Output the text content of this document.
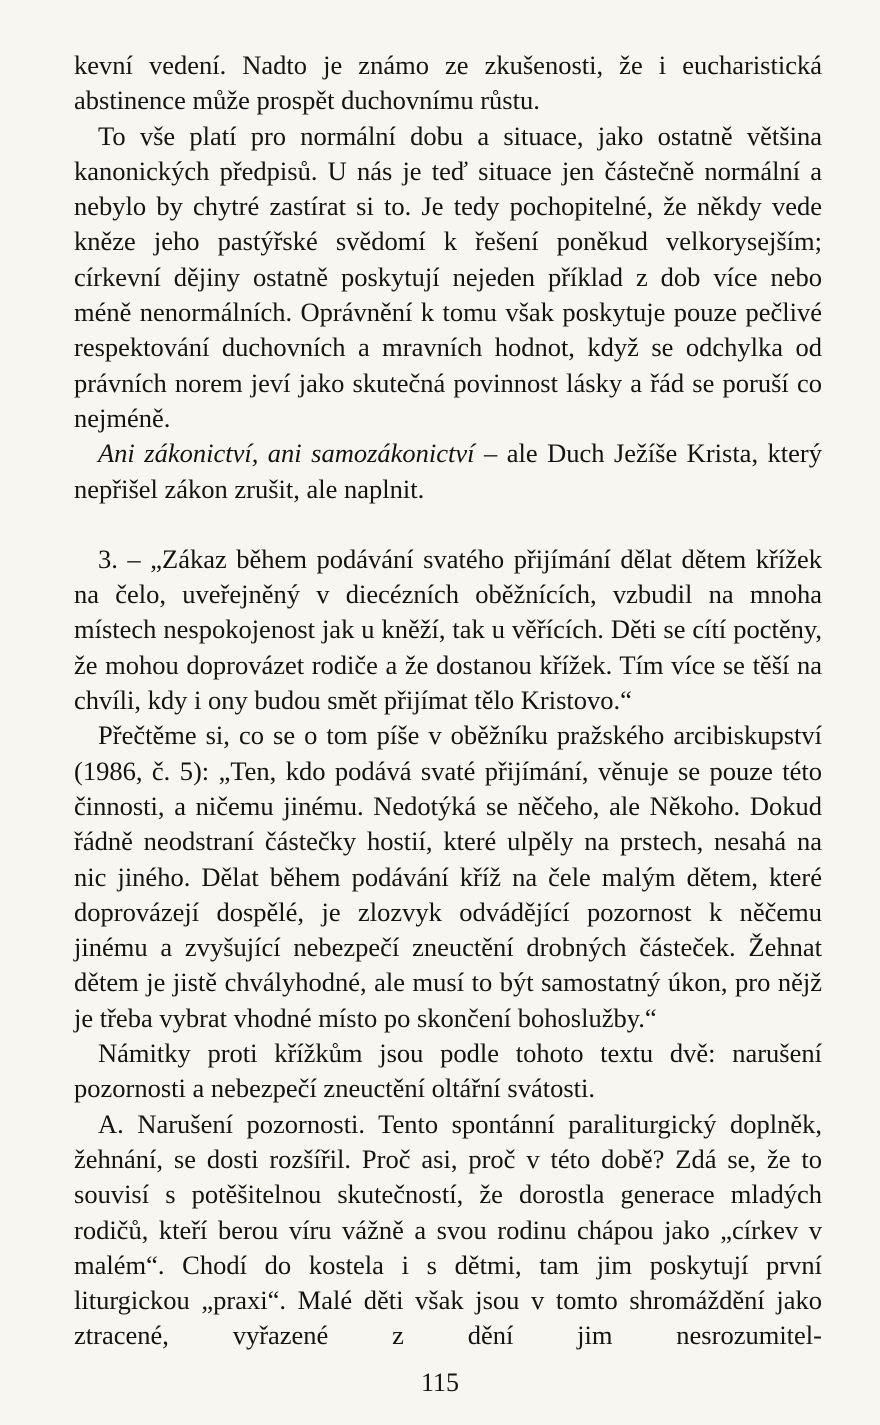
kevní vedení. Nadto je známo ze zkušenosti, že i eucharistická abstinence může prospět duchovnímu růstu.

To vše platí pro normální dobu a situace, jako ostatně většina kanonických předpisů. U nás je teď situace jen částečně normální a nebylo by chytré zastírat si to. Je tedy pochopitelné, že někdy vede kněze jeho pastýřské svědomí k řešení poněkud velkorysejším; církevní dějiny ostatně poskytují nejeden příklad z dob více nebo méně nenormálních. Oprávnění k tomu však poskytuje pouze pečlivé respektování duchovních a mravních hodnot, když se odchylka od právních norem jeví jako skutečná povinnost lásky a řád se poruší co nejméně.

Ani zákonictví, ani samozákonictví – ale Duch Ježíše Krista, který nepřišel zákon zrušit, ale naplnit.

3. – „Zákaz během podávání svatého přijímání dělat dětem křížek na čelo, uveřejněný v diecézních oběžnících, vzbudil na mnoha místech nespokojenost jak u kněží, tak u věřících. Děti se cítí poctěny, že mohou doprovázet rodiče a že dostanou křížek. Tím více se těší na chvíli, kdy i ony budou smět přijímat tělo Kristovo.“

Přečtěme si, co se o tom píše v oběžníku pražského arcibiskupství (1986, č. 5): „Ten, kdo podává svaté přijímání, věnuje se pouze této činnosti, a ničemu jinému. Nedotýká se něčeho, ale Někoho. Dokud řádně neodstraní částečky hostií, které ulpěly na prstech, nesahá na nic jiného. Dělat během podávání kříž na čele malým dětem, které doprovázejí dospělé, je zlozvyk odvádějící pozornost k něčemu jinému a zvyšující nebezpečí zneuctění drobných částeček. Žehnat dětem je jistě chvályhodné, ale musí to být samostatný úkon, pro nějž je třeba vybrat vhodné místo po skončení bohoslužby.“

Námitky proti křížkům jsou podle tohoto textu dvě: narušení pozornosti a nebezpečí zneuctění oltářní svátosti.

A. Narušení pozornosti. Tento spontánní paraliturgický doplněk, žehnání, se dosti rozšířil. Proč asi, proč v této době? Zdá se, že to souvisí s potěšitelnou skutečností, že dorostla generace mladých rodičů, kteří berou víru vážně a svou rodinu chápou jako „církev v malém“. Chodí do kostela i s dětmi, tam jim poskytují první liturgickou „praxi“. Malé děti však jsou v tomto shromáždění jako ztracené, vyřazené z dění jim nesrozumitel-

115
